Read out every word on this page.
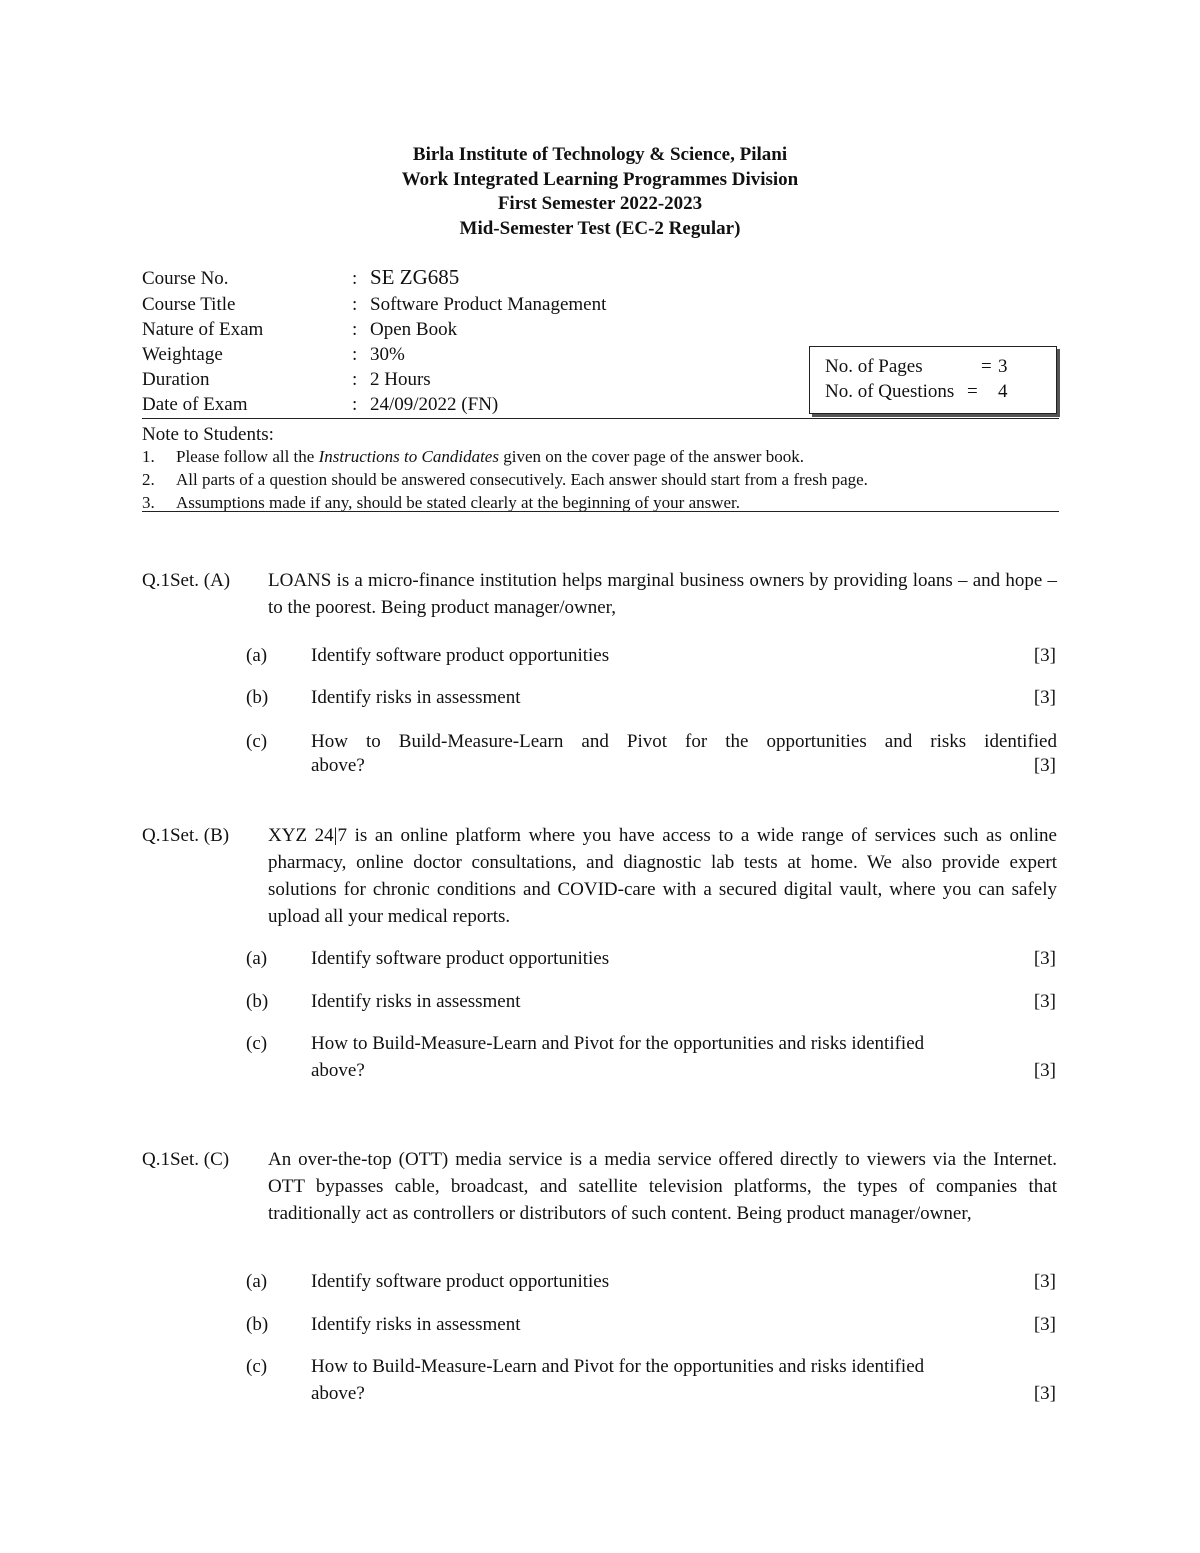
Birla Institute of Technology & Science, Pilani
Work Integrated Learning Programmes Division
First Semester 2022-2023
Mid-Semester Test (EC-2 Regular)
Course No.	: SE ZG685
Course Title	: Software Product Management
Nature of Exam	: Open Book
Weightage	: 30%
Duration	: 2 Hours
Date of Exam	: 24/09/2022 (FN)
No. of Pages	= 3
No. of Questions = 4
Note to Students:
1. Please follow all the Instructions to Candidates given on the cover page of the answer book.
2. All parts of a question should be answered consecutively. Each answer should start from a fresh page.
3. Assumptions made if any, should be stated clearly at the beginning of your answer.
Q.1Set. (A) LOANS is a micro-finance institution helps marginal business owners by providing loans – and hope – to the poorest. Being product manager/owner,
(a) Identify software product opportunities	[3]
(b) Identify risks in assessment	[3]
(c) How to Build-Measure-Learn and Pivot for the opportunities and risks identified
above?	[3]
Q.1Set. (B) XYZ 24|7 is an online platform where you have access to a wide range of services such as online pharmacy, online doctor consultations, and diagnostic lab tests at home. We also provide expert solutions for chronic conditions and COVID-care with a secured digital vault, where you can safely upload all your medical reports.
(a) Identify software product opportunities	[3]
(b) Identify risks in assessment	[3]
(c) How to Build-Measure-Learn and Pivot for the opportunities and risks identified
above?	[3]
Q.1Set. (C) An over-the-top (OTT) media service is a media service offered directly to viewers via the Internet. OTT bypasses cable, broadcast, and satellite television platforms, the types of companies that traditionally act as controllers or distributors of such content. Being product manager/owner,
(a) Identify software product opportunities	[3]
(b) Identify risks in assessment	[3]
(c) How to Build-Measure-Learn and Pivot for the opportunities and risks identified
above?	[3]
